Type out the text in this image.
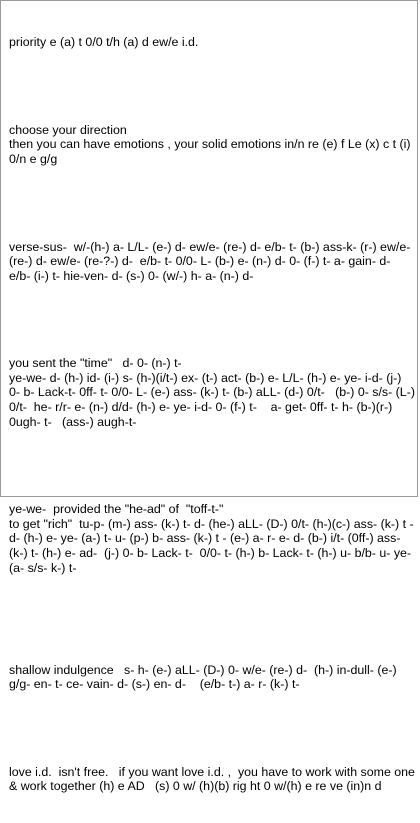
priority e (a) t 0/0 t/h (a) d ew/e i.d.

choose your direction
then you can have emotions , your solid emotions in/n re (e) f Le (x) c t (i) 0/n e g/g

verse-sus-  w/-(h-) a- L/L- (e-) d- ew/e- (re-) d- e/b- t- (b-) ass-k- (r-) ew/e- (re-) d- ew/e- (re-?-) d-  e/b- t- 0/0- L- (b-) e- (n-) d- 0- (f-) t- a- gain- d- e/b- (i-) t- hie-ven- d- (s-) 0- (w/-) h- a- (n-) d-

you sent the "time"   d- 0- (n-) t-
ye-we- d- (h-) id- (i-) s- (h-)(i/t-) ex- (t-) act- (b-) e- L/L- (h-) e- ye- i-d- (j-) 0- b- Lack-t- 0ff- t- 0/0- L- (e-) ass- (k-) t- (b-) aLL- (d-) 0/t-   (b-) 0- s/s- (L-) 0/t-  he- r/r- e- (n-) d/d- (h-) e- ye- i-d- 0- (f-) t-    a- get- 0ff- t- h- (b-)(r-) 0ugh- t-   (ass-) augh-t-

ye-we-  provided the "he-ad" of  "toff-t-"
to get "rich"  tu-p- (m-) ass- (k-) t- d- (he-) aLL- (D-) 0/t- (h-)(c-) ass- (k-) t - d- (h-) e- ye- (a-) t- u- (p-) b- ass- (k-) t - (e-) a- r- e- d- (b-) i/t- (0ff-) ass- (k-) t- (h-) e- ad-  (j-) 0- b- Lack- t-  0/0- t- (h-) b- Lack- t- (h-) u- b/b- u- ye- (a- s/s- k-) t-

shallow indulgence   s- h- (e-) aLL- (D-) 0- w/e- (re-) d-  (h-) in-dull- (e-) g/g- en- t- ce- vain- d- (s-) en- d-    (e/b- t-) a- r- (k-) t-

love i.d.  isn't free.   if you want love i.d. ,  you have to work with some one & work together (h) e AD   (s) 0 w/ (h)(b) rig ht 0 w/(h) e re ve (in)n d
